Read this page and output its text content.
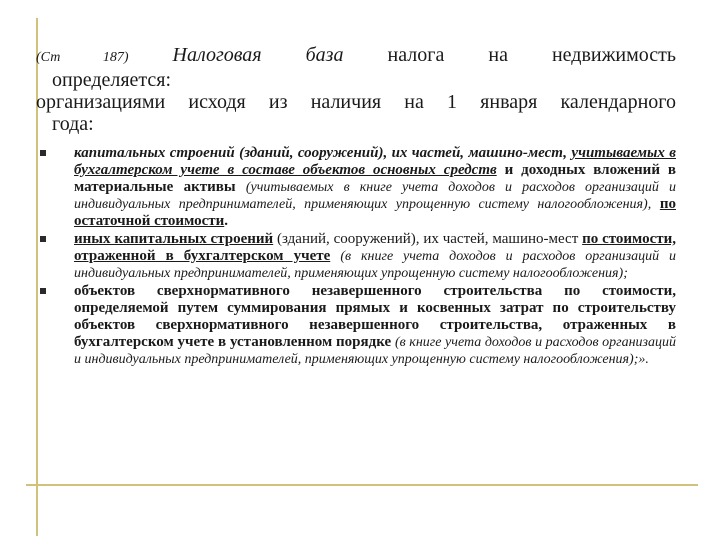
(Ст 187) Налоговая база налога на недвижимость
определяется:
организациями исходя из наличия на 1 января календарного
года:
капитальных строений (зданий, сооружений), их частей, машино-мест, учитываемых в бухгалтерском учете в составе объектов основных средств и доходных вложений в материальные активы (учитываемых в книге учета доходов и расходов организаций и индивидуальных предпринимателей, применяющих упрощенную систему налогообложения), по остаточной стоимости.
иных капитальных строений (зданий, сооружений), их частей, машино-мест по стоимости, отраженной в бухгалтерском учете (в книге учета доходов и расходов организаций и индивидуальных предпринимателей, применяющих упрощенную систему налогообложения);
объектов сверхнормативного незавершенного строительства по стоимости, определяемой путем суммирования прямых и косвенных затрат по строительству объектов сверхнормативного незавершенного строительства, отраженных в бухгалтерском учете в установленном порядке (в книге учета доходов и расходов организаций и индивидуальных предпринимателей, применяющих упрощенную систему налогообложения);».
